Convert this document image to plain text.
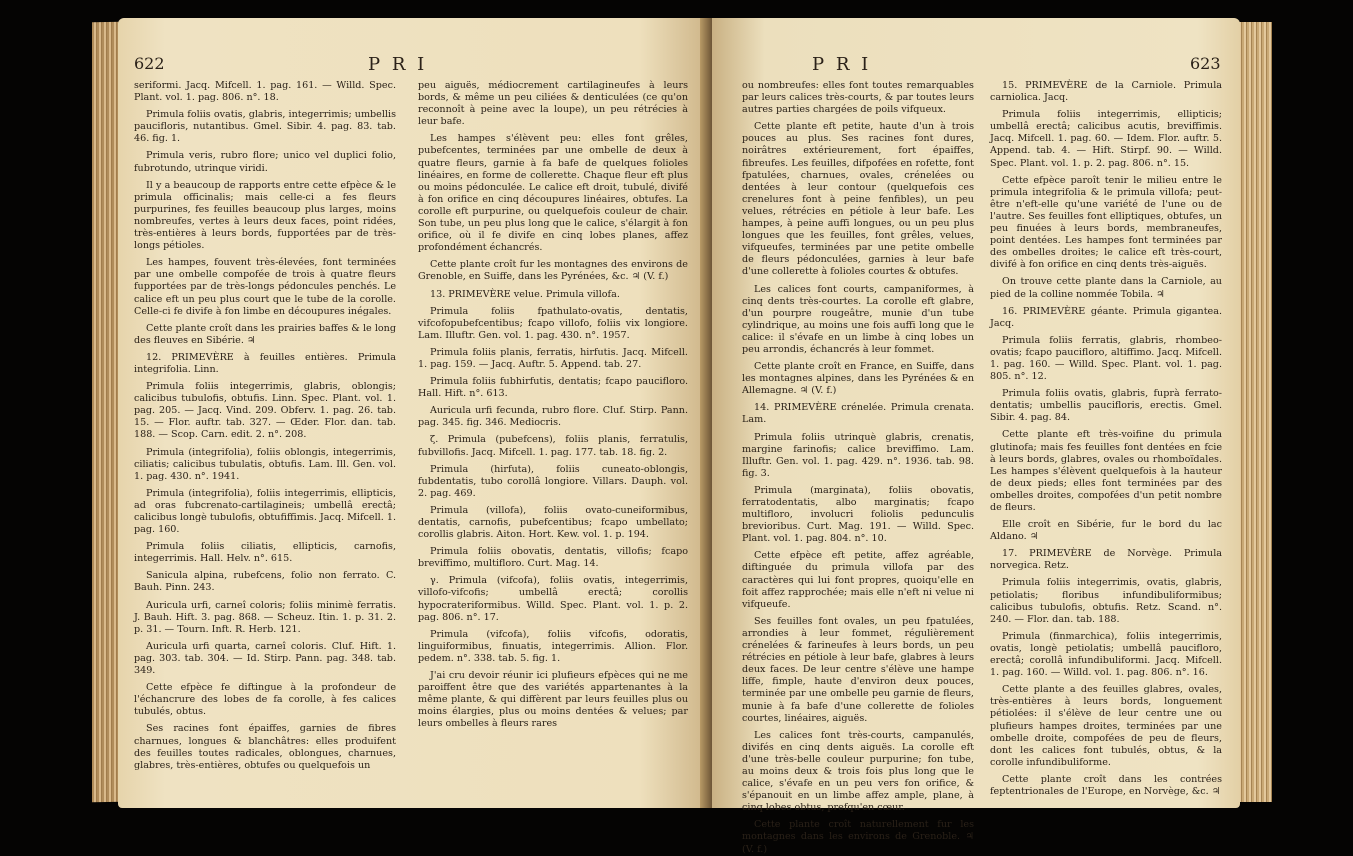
622	P R I

seriformi. Jacq. Mifcell. 1. pag. 161. — Willd. Spec. Plant. vol. 1. pag. 806. n°. 18.

Primula foliis ovatis, glabris, integerrimis; umbellis paucifloris, nutantibus. Gmel. Sibir. 4. pag. 83. tab. 46. fig. 1.

Primula veris, rubro flore; unico vel duplici folio, fubrotundo, utrinque viridi.

Il y a beaucoup de rapports entre cette efpèce & le primula officinalis; mais celle-ci a fes fleurs purpurines, fes feuilles beaucoup plus larges, moins nombreufes, vertes à leurs deux faces, point ridées, très-entières à leurs bords, fupportées par de très-longs pétioles.

Les hampes, fouvent très-élevées, font terminées par une ombelle compofée de trois à quatre fleurs fupportées par de très-longs pédoncules penchés. Le calice eft un peu plus court que le tube de la corolle. Celle-ci fe divife à fon limbe en découpures inégales.

Cette plante croît dans les prairies baffes & le long des fleuves en Sibérie. ♃

12. PRIMEVÈRE à feuilles entières. Primula integrifolia. Linn.

Primula foliis integerrimis, glabris, oblongis; calicibus tubulofis, obtufis. Linn. Spec. Plant. vol. 1. pag. 205. — Jacq. Vind. 209. Obferv. 1. pag. 26. tab. 15. — Flor. auftr. tab. 327. — Œder. Flor. dan. tab. 188. — Scop. Carn. edit. 2. n°. 208.

Primula (integrifolia), foliis oblongis, integerrimis, ciliatis; calicibus tubulatis, obtufis. Lam. Ill. Gen. vol. 1. pag. 430. n°. 1941.

Primula (integrifolia), foliis integerrimis, ellipticis, ad oras fubcrenato-cartilagineis; umbellâ erectâ; calicibus longè tubulofis, obtufiffimis. Jacq. Mifcell. 1. pag. 160.

Primula foliis ciliatis, ellipticis, carnofis, integerrimis. Hall. Helv. n°. 615.

Sanicula alpina, rubefcens, folio non ferrato. C. Bauh. Pinn. 243.

Auricula urfi, carneî coloris; foliis minimè ferratis. J. Bauh. Hift. 3. pag. 868. — Scheuz. Itin. 1. p. 31. 2. p. 31. — Tourn. Inft. R. Herb. 121.

Auricula urfi quarta, carneî coloris. Cluf. Hift. 1. pag. 303. tab. 304. — Id. Stirp. Pann. pag. 348. tab. 349.

Cette efpèce fe diftingue à la profondeur de l'échancrure des lobes de fa corolle, à fes calices tubulés, obtus.

Ses racines font épaiffes, garnies de fibres charnues, longues & blanchâtres: elles produifent des feuilles toutes radicales, oblongues, charnues, glabres, très-entières, obtufes ou quelquefois un

peu aiguës, médiocrement cartilagineufes à leurs bords, & même un peu ciliées & denticulées (ce qu'on reconnoît à peine avec la loupe), un peu rétrécies à leur bafe.

Les hampes s'élèvent peu: elles font grêles, pubefcentes, terminées par une ombelle de deux à quatre fleurs, garnie à fa bafe de quelques folioles linéaires, en forme de collerette. Chaque fleur eft plus ou moins pédonculée. Le calice eft droit, tubulé, divifé à fon orifice en cinq découpures linéaires, obtufes. La corolle eft purpurine, ou quelquefois couleur de chair. Son tube, un peu plus long que le calice, s'élargit à fon orifice, où il fe divife en cinq lobes planes, affez profondément échancrés.

Cette plante croît fur les montagnes des environs de Grenoble, en Suiffe, dans les Pyrénées, &c. ♃ (V. f.)

13. PRIMEVÈRE velue. Primula villofa.

Primula foliis fpathulato-ovatis, dentatis, vifcofopubefcentibus; fcapo villofo, foliis vix longiore. Lam. Illuftr. Gen. vol. 1. pag. 430. n°. 1957.

Primula foliis planis, ferratis, hirfutis. Jacq. Mifcell. 1. pag. 159. — Jacq. Auftr. 5. Append. tab. 27.

Primula foliis fubhirfutis, dentatis; fcapo paucifloro. Hall. Hift. n°. 613.

Auricula urfi fecunda, rubro flore. Cluf. Stirp. Pann. pag. 345. fig. 346. Mediocris.

ζ. Primula (pubefcens), foliis planis, ferratulis, fubvillofis. Jacq. Mifcell. 1. pag. 177. tab. 18. fig. 2.

Primula (hirfuta), foliis cuneato-oblongis, fubdentatis, tubo corollâ longiore. Villars. Dauph. vol. 2. pag. 469.

Primula (villofa), foliis ovato-cuneiformibus, dentatis, carnofis, pubefcentibus; fcapo umbellato; corollis glabris. Aiton. Hort. Kew. vol. 1. p. 194.

Primula foliis obovatis, dentatis, villofis; fcapo breviffimo, multifloro. Curt. Mag. 14.

γ. Primula (vifcofa), foliis ovatis, integerrimis, villofo-vifcofis; umbellâ erectâ; corollis hypocrateriformibus. Willd. Spec. Plant. vol. 1. p. 2. pag. 806. n°. 17.

Primula (vifcofa), foliis vifcofis, odoratis, linguiformibus, finuatis, integerrimis. Allion. Flor. pedem. n°. 338. tab. 5. fig. 1.

J'ai cru devoir réunir ici plufieurs efpèces qui ne me paroiffent être que des variétés appartenantes à la même plante, & qui diffèrent par leurs feuilles plus ou moins élargies, plus ou moins dentées & velues; par leurs ombelles à fleurs rares

P R I	623

ou nombreufes: elles font toutes remarquables par leurs calices très-courts, & par toutes leurs autres parties chargées de poils vifqueux.

Cette plante eft petite, haute d'un à trois pouces au plus. Ses racines font dures, noirâtres extérieurement, fort épaiffes, fibreufes. Les feuilles, difpofées en rofette, font fpatulées, charnues, ovales, crénelées ou dentées à leur contour (quelquefois ces crenelures font à peine fenfibles), un peu velues, rétrécies en pétiole à leur bafe. Les hampes, à peine auffi longues, ou un peu plus longues que les feuilles, font grêles, velues, vifqueufes, terminées par une petite ombelle de fleurs pédonculées, garnies à leur bafe d'une collerette à folioles courtes & obtufes.

Les calices font courts, campaniformes, à cinq dents très-courtes. La corolle eft glabre, d'un pourpre rougeâtre, munie d'un tube cylindrique, au moins une fois auffi long que le calice: il s'évafe en un limbe à cinq lobes un peu arrondis, échancrés à leur fommet.

Cette plante croît en France, en Suiffe, dans les montagnes alpines, dans les Pyrénées & en Allemagne. ♃ (V. f.)

14. PRIMEVÈRE crénelée. Primula crenata. Lam.

Primula foliis utrinquè glabris, crenatis, margine farinofis; calice breviffimo. Lam. Illuftr. Gen. vol. 1. pag. 429. n°. 1936. tab. 98. fig. 3.

Primula (marginata), foliis obovatis, ferratodentatis, albo marginatis; fcapo multifloro, involucri foliolis pedunculis brevioribus. Curt. Mag. 191. — Willd. Spec. Plant. vol. 1. pag. 804. n°. 10.

Cette efpèce eft petite, affez agréable, diftinguée du primula villofa par des caractères qui lui font propres, quoiqu'elle en foit affez rapprochée; mais elle n'eft ni velue ni vifqueufe.

Ses feuilles font ovales, un peu fpatulées, arrondies à leur fommet, régulièrement crénelées & farineufes à leurs bords, un peu rétrécies en pétiole à leur bafe, glabres à leurs deux faces. De leur centre s'élève une hampe liffe, fimple, haute d'environ deux pouces, terminée par une ombelle peu garnie de fleurs, munie à fa bafe d'une collerette de folioles courtes, linéaires, aiguës.

Les calices font très-courts, campanulés, divifés en cinq dents aiguës. La corolle eft d'une très-belle couleur purpurine; fon tube, au moins deux & trois fois plus long que le calice, s'évafe en un peu vers fon orifice, & s'épanouit en un limbe affez ample, plane, à cinq lobes obtus, prefqu'en cœur.

Cette plante croît naturellement fur les montagnes dans les environs de Grenoble. ♃ (V. f.)

15. PRIMEVÈRE de la Carniole. Primula carniolica. Jacq.

Primula foliis integerrimis, ellipticis; umbellâ erectâ; calicibus acutis, breviffimis. Jacq. Mifcell. 1. pag. 60. — Idem. Flor. auftr. 5. Append. tab. 4. — Hift. Stirpf. 90. — Willd. Spec. Plant. vol. 1. p. 2. pag. 806. n°. 15.

Cette efpèce paroît tenir le milieu entre le primula integrifolia & le primula villofa; peut-être n'eft-elle qu'une variété de l'une ou de l'autre. Ses feuilles font elliptiques, obtufes, un peu finuées à leurs bords, membraneufes, point dentées. Les hampes font terminées par des ombelles droites; le calice eft très-court, divifé à fon orifice en cinq dents très-aiguës.

On trouve cette plante dans la Carniole, au pied de la colline nommée Tobila. ♃

16. PRIMEVÈRE géante. Primula gigantea. Jacq.

Primula foliis ferratis, glabris, rhombeo-ovatis; fcapo paucifloro, altiffimo. Jacq. Mifcell. 1. pag. 160. — Willd. Spec. Plant. vol. 1. pag. 805. n°. 12.

Primula foliis ovatis, glabris, fuprà ferrato-dentatis; umbellis paucifloris, erectis. Gmel. Sibir. 4. pag. 84.

Cette plante eft très-voifine du primula glutinofa; mais fes feuilles font dentées en fcie à leurs bords, glabres, ovales ou rhomboïdales. Les hampes s'élèvent quelquefois à la hauteur de deux pieds; elles font terminées par des ombelles droites, compofées d'un petit nombre de fleurs.

Elle croît en Sibérie, fur le bord du lac Aldano. ♃

17. PRIMEVÈRE de Norvège. Primula norvegica. Retz.

Primula foliis integerrimis, ovatis, glabris, petiolatis; floribus infundibuliformibus; calicibus tubulofis, obtufis. Retz. Scand. n°. 240. — Flor. dan. tab. 188.

Primula (finmarchica), foliis integerrimis, ovatis, longè petiolatis; umbellâ paucifloro, erectâ; corollâ infundibuliformi. Jacq. Mifcell. 1. pag. 160. — Willd. vol. 1. pag. 806. n°. 16.

Cette plante a des feuilles glabres, ovales, très-entières à leurs bords, longuement pétiolées: il s'élève de leur centre une ou plufieurs hampes droites, terminées par une ombelle droite, compofées de peu de fleurs, dont les calices font tubulés, obtus, & la corolle infundibuliforme.

Cette plante croît dans les contrées feptentrionales de l'Europe, en Norvège, &c. ♃
